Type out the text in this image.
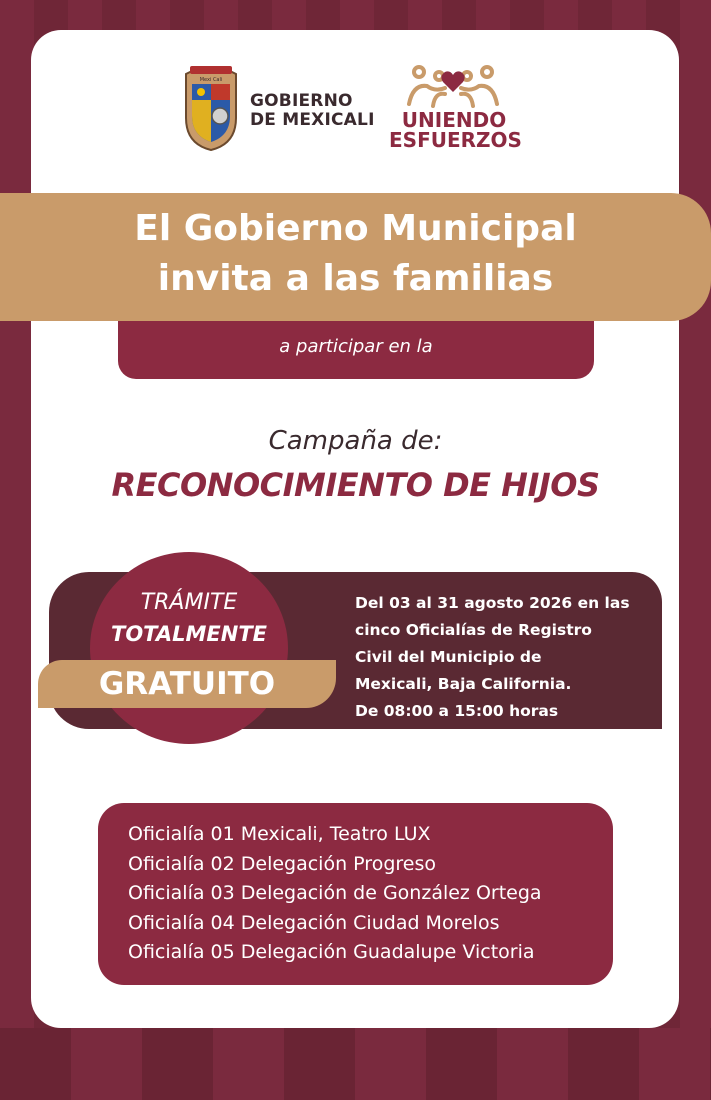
Mexi Cali
GOBIERNO
DE MEXICALI	UNIENDO
ESFUERZOS
El Gobierno Municipal
invita a las familias
a participar en la
Campaña de:
RECONOCIMIENTO DE HIJOS
TRÁMITE
TOTALMENTE
GRATUITO
Del 03 al 31 agosto 2026 en las
cinco Oficialías de Registro
Civil del Municipio de
Mexicali, Baja California.
De 08:00 a 15:00 horas
Oficialía 01 Mexicali, Teatro LUX
Oficialía 02 Delegación Progreso
Oficialía 03 Delegación de González Ortega
Oficialía 04 Delegación Ciudad Morelos
Oficialía 05 Delegación Guadalupe Victoria
